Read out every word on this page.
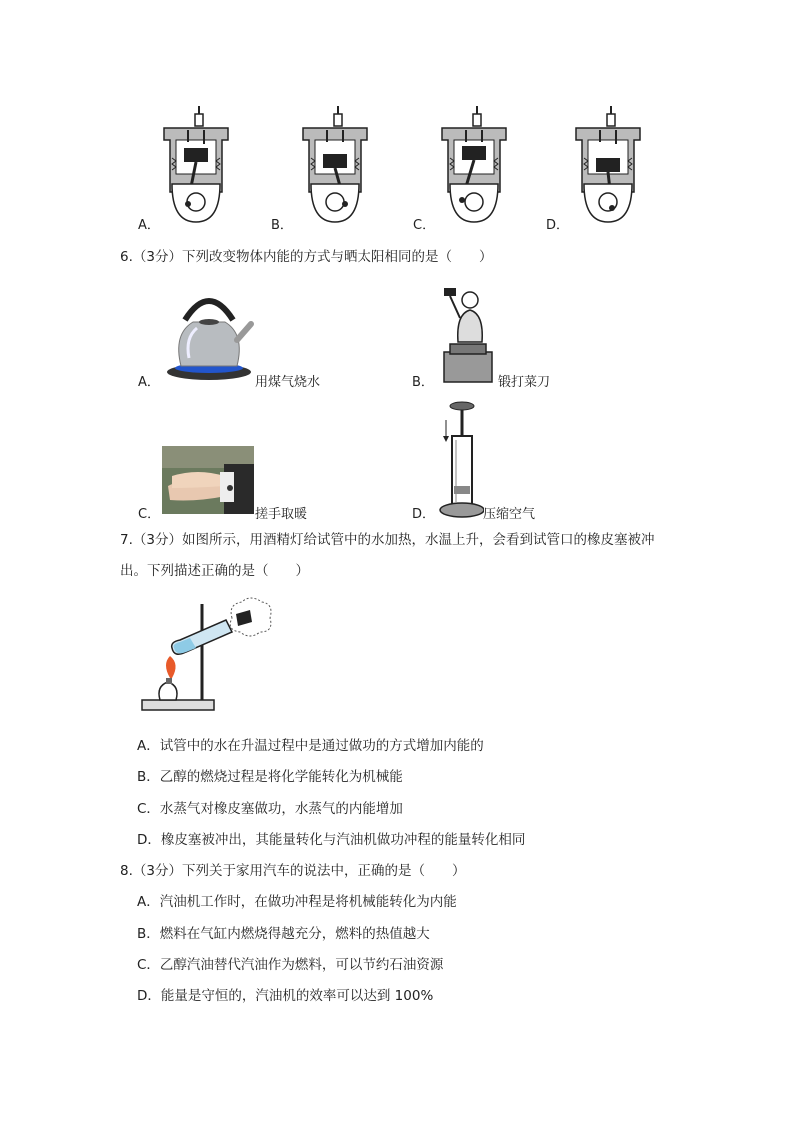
A．	B．	C．	D．
6.（3分）下列改变物体内能的方式与晒太阳相同的是（　　）
A．	用煤气烧水	B．	锻打菜刀
C．	搓手取暖	D．	压缩空气
7.（3分）如图所示，用酒精灯给试管中的水加热，水温上升，会看到试管口的橡皮塞被冲
出。下列描述正确的是（　　）
A．试管中的水在升温过程中是通过做功的方式增加内能的
B．乙醇的燃烧过程是将化学能转化为机械能
C．水蒸气对橡皮塞做功，水蒸气的内能增加
D．橡皮塞被冲出，其能量转化与汽油机做功冲程的能量转化相同
8.（3分）下列关于家用汽车的说法中，正确的是（　　）
A．汽油机工作时，在做功冲程是将机械能转化为内能
B．燃料在气缸内燃烧得越充分，燃料的热值越大
C．乙醇汽油替代汽油作为燃料，可以节约石油资源
D．能量是守恒的，汽油机的效率可以达到 100%
